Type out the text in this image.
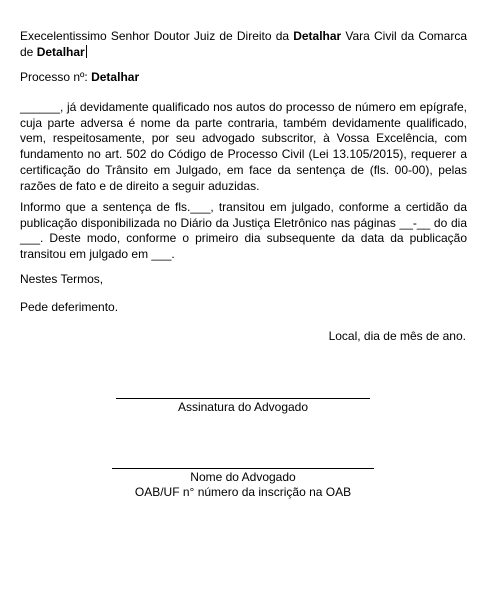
Execelentissimo Senhor Doutor Juiz de Direito da Detalhar Vara Civil da Comarca de Detalhar

Processo nº: Detalhar

______, já devidamente qualificado nos autos do processo de número em epígrafe, cuja parte adversa é nome da parte contraria, também devidamente qualificado, vem, respeitosamente, por seu advogado subscritor, à Vossa Excelência, com fundamento no art. 502 do Código de Processo Civil (Lei 13.105/2015), requerer a certificação do Trânsito em Julgado, em face da sentença de (fls. 00-00), pelas razões de fato e de direito a seguir aduzidas.

Informo que a sentença de fls.___, transitou em julgado, conforme a certidão da publicação disponibilizada no Diário da Justiça Eletrônico nas páginas __-__ do dia ___. Deste modo, conforme o primeiro dia subsequente da data da publicação transitou em julgado em ___.

Nestes Termos,

Pede deferimento.

Local, dia de mês de ano.

Assinatura do Advogado

Nome do Advogado

OAB/UF n° número da inscrição na OAB
